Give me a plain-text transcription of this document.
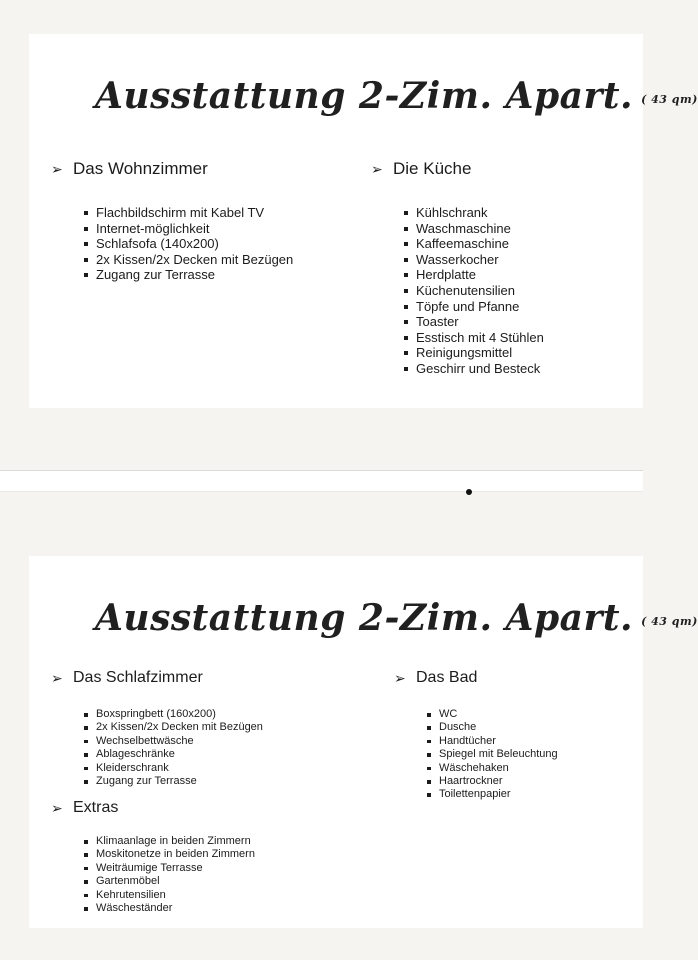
Ausstattung 2-Zim. Apart. ( 43 qm)
➢ Das Wohnzimmer
Flachbildschirm mit Kabel TV
Internet-möglichkeit
Schlafsofa (140x200)
2x Kissen/2x Decken mit Bezügen
Zugang zur Terrasse
➢ Die Küche
Kühlschrank
Waschmaschine
Kaffeemaschine
Wasserkocher
Herdplatte
Küchenutensilien
Töpfe und Pfanne
Toaster
Esstisch mit 4 Stühlen
Reinigungsmittel
Geschirr und Besteck
Ausstattung 2-Zim. Apart. ( 43 qm)
➢ Das Schlafzimmer
Boxspringbett (160x200)
2x Kissen/2x Decken mit Bezügen
Wechselbettwäsche
Ablageschränke
Kleiderschrank
Zugang zur Terrasse
➢ Das Bad
WC
Dusche
Handtücher
Spiegel mit Beleuchtung
Wäschehaken
Haartrockner
Toilettenpapier
➢ Extras
Klimaanlage in beiden Zimmern
Moskitonetze in beiden Zimmern
Weiträumige Terrasse
Gartenmöbel
Kehrutensilien
Wäscheständer
